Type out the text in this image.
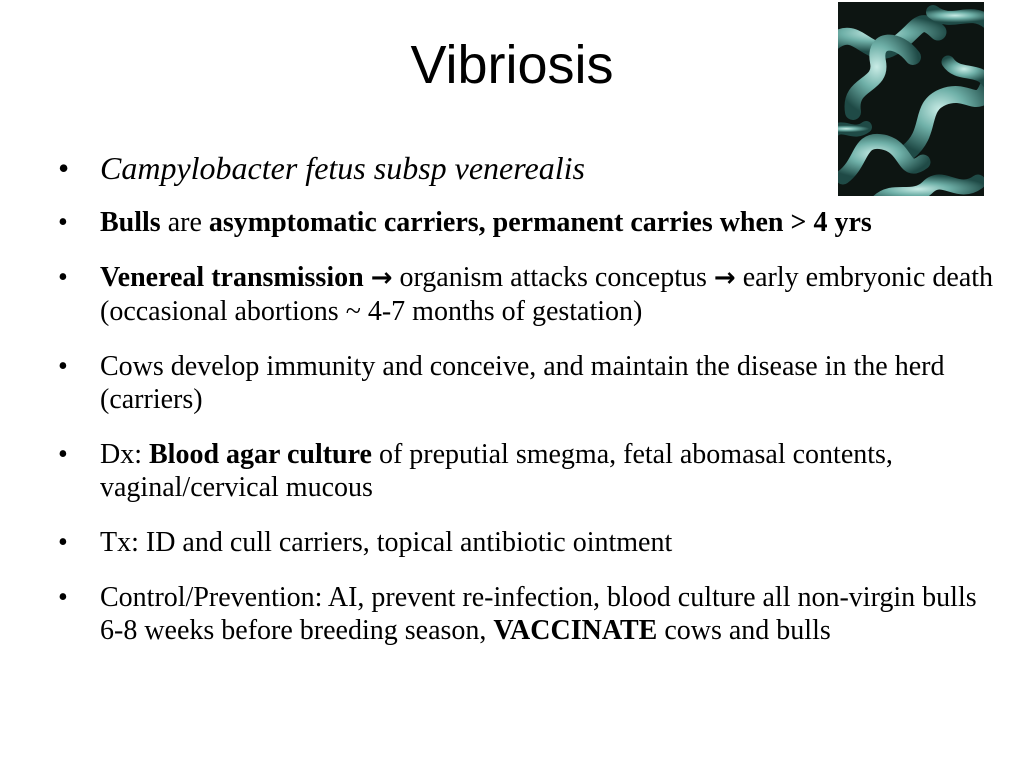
Vibriosis
• Campylobacter fetus subsp venerealis
•	Bulls are asymptomatic carriers, permanent carries when > 4 yrs
•	Venereal transmission → organism attacks conceptus → early embryonic death (occasional abortions ~ 4-7 months of gestation)
•	Cows develop immunity and conceive, and maintain the disease in the herd (carriers)
•	Dx: Blood agar culture of preputial smegma, fetal abomasal contents, vaginal/cervical mucous
•	Tx: ID and cull carriers, topical antibiotic ointment
•	Control/Prevention: AI, prevent re-infection, blood culture all non-virgin bulls 6-8 weeks before breeding season, VACCINATE cows and bulls
